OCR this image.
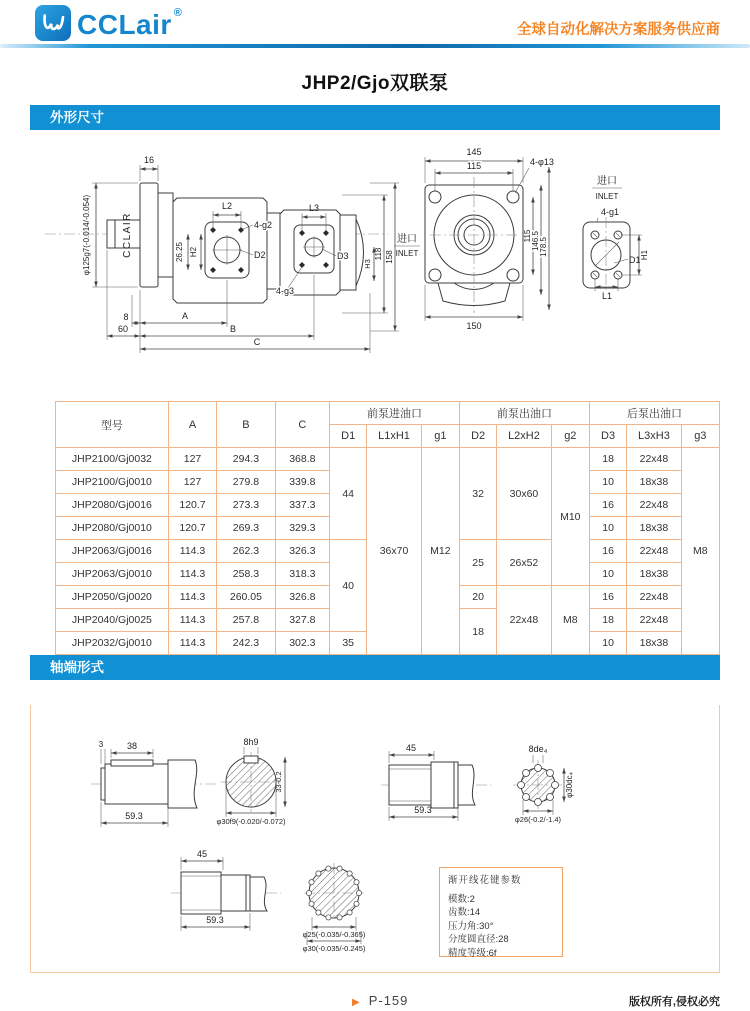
CCLair ®
全球自动化解决方案服务供应商
JHP2/Gjo双联泵
外形尺寸
16
φ125g7(-0.014/-0.054)	CCLAIR	26.25 H2
L2	L3
4-g2
D2	D3
4-g3
H3
118 158
8	A
60	B
C
进口
INLET
145
115	4-φ13
115 146.5 178.5
150
进口
INLET
4-g1
D1 H1
L1
型号	A	B	C	前泵进油口			前泵出油口			后泵出油口		
				D1	L1xH1	g1	D2	L2xH2	g2	D3	L3xH3	g3
JHP2100/Gj0032	127	294.3	368.8	44	36x70	M12	32	30x60	M10	18	22x48	M8
JHP2100/Gj0010	127	279.8	339.8							10	18x38	
JHP2080/Gj0016	120.7	273.3	337.3							16	22x48	
JHP2080/Gj0010	120.7	269.3	329.3							10	18x38	
JHP2063/Gj0016	114.3	262.3	326.3	40			25	26x52		16	22x48	
JHP2063/Gj0010	114.3	258.3	318.3							10	18x38	
JHP2050/Gj0020	114.3	260.05	326.8				20	22x48	M8	16	22x48	
JHP2040/Gj0025	114.3	257.8	327.8				18			18	22x48	
JHP2032/Gj0010	114.3	242.3	302.3	35						10	18x38	
轴端形式
3	38
59.3
8h9
33-0.2
φ30f9(-0.020/-0.072)
45
59.3
8de₄
φ30dc₄
φ26(-0.2/-1.4)
45
59.3
φ25(-0.035/-0.365)
φ30(-0.035/-0.245)
渐开线花键参数
模数:2
齿数:14
压力角:30°
分度圆直径:28
精度等级:6f
▶ P-159	版权所有,侵权必究
